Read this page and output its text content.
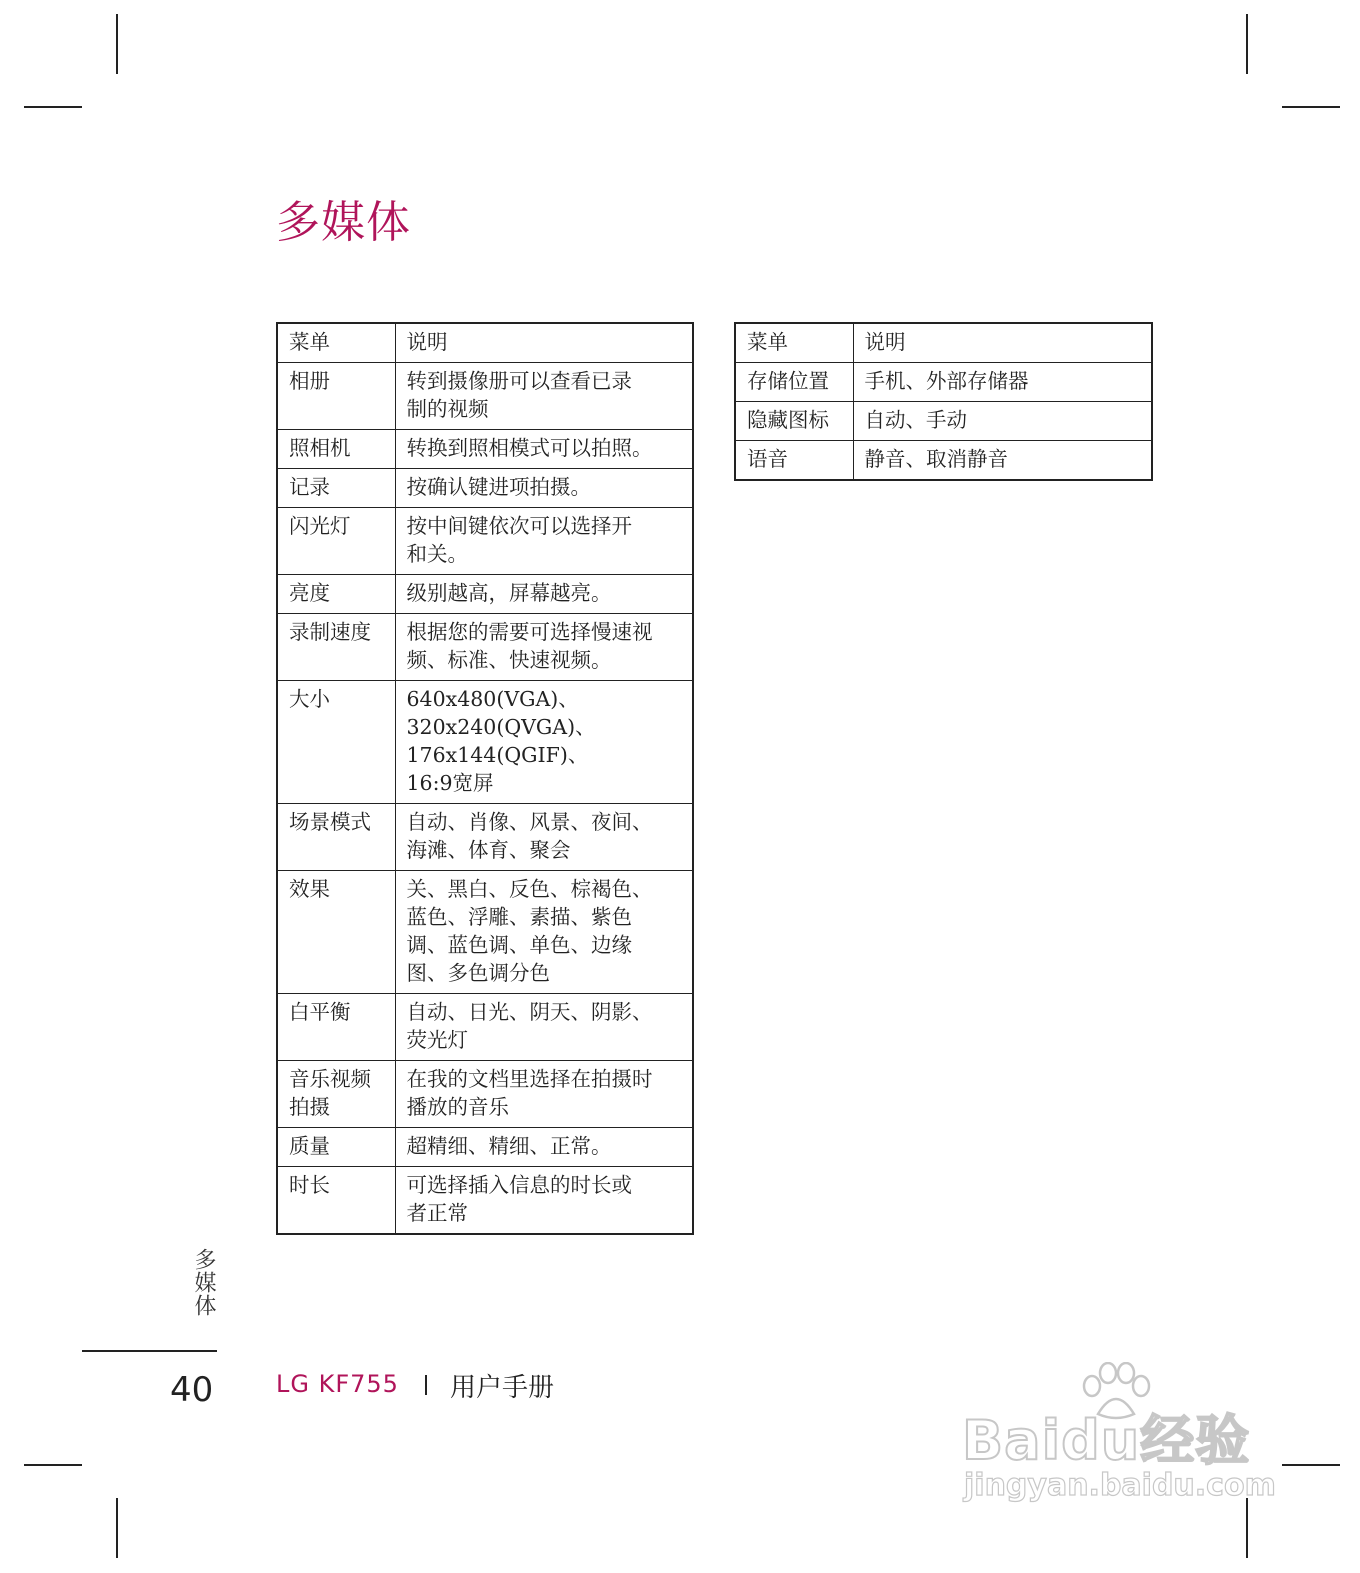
多媒体
菜单	说明

相册	转到摄像册可以查看已录
制的视频

照相机	转换到照相模式可以拍照。

记录	按确认键进项拍摄。

闪光灯	按中间键依次可以选择开
和关。

亮度	级别越高，屏幕越亮。

录制速度	根据您的需要可选择慢速视
频、标准、快速视频。

大小	640x480(VGA)、
320x240(QVGA)、
176x144(QGIF)、
16:9宽屏

场景模式	自动、肖像、风景、夜间、
海滩、体育、聚会

效果	关、黑白、反色、棕褐色、
蓝色、浮雕、素描、紫色
调、蓝色调、单色、边缘
图、多色调分色

白平衡	自动、日光、阴天、阴影、
荧光灯

音乐视频
拍摄	在我的文档里选择在拍摄时
播放的音乐

质量	超精细、精细、正常。

时长	可选择插入信息的时长或
者正常
菜单	说明

存储位置	手机、外部存储器

隐藏图标	自动、手动

语音	静音、取消静音
多媒体
40	LG KF755 用户手册
Baidu经验
jingyan.baidu.com
